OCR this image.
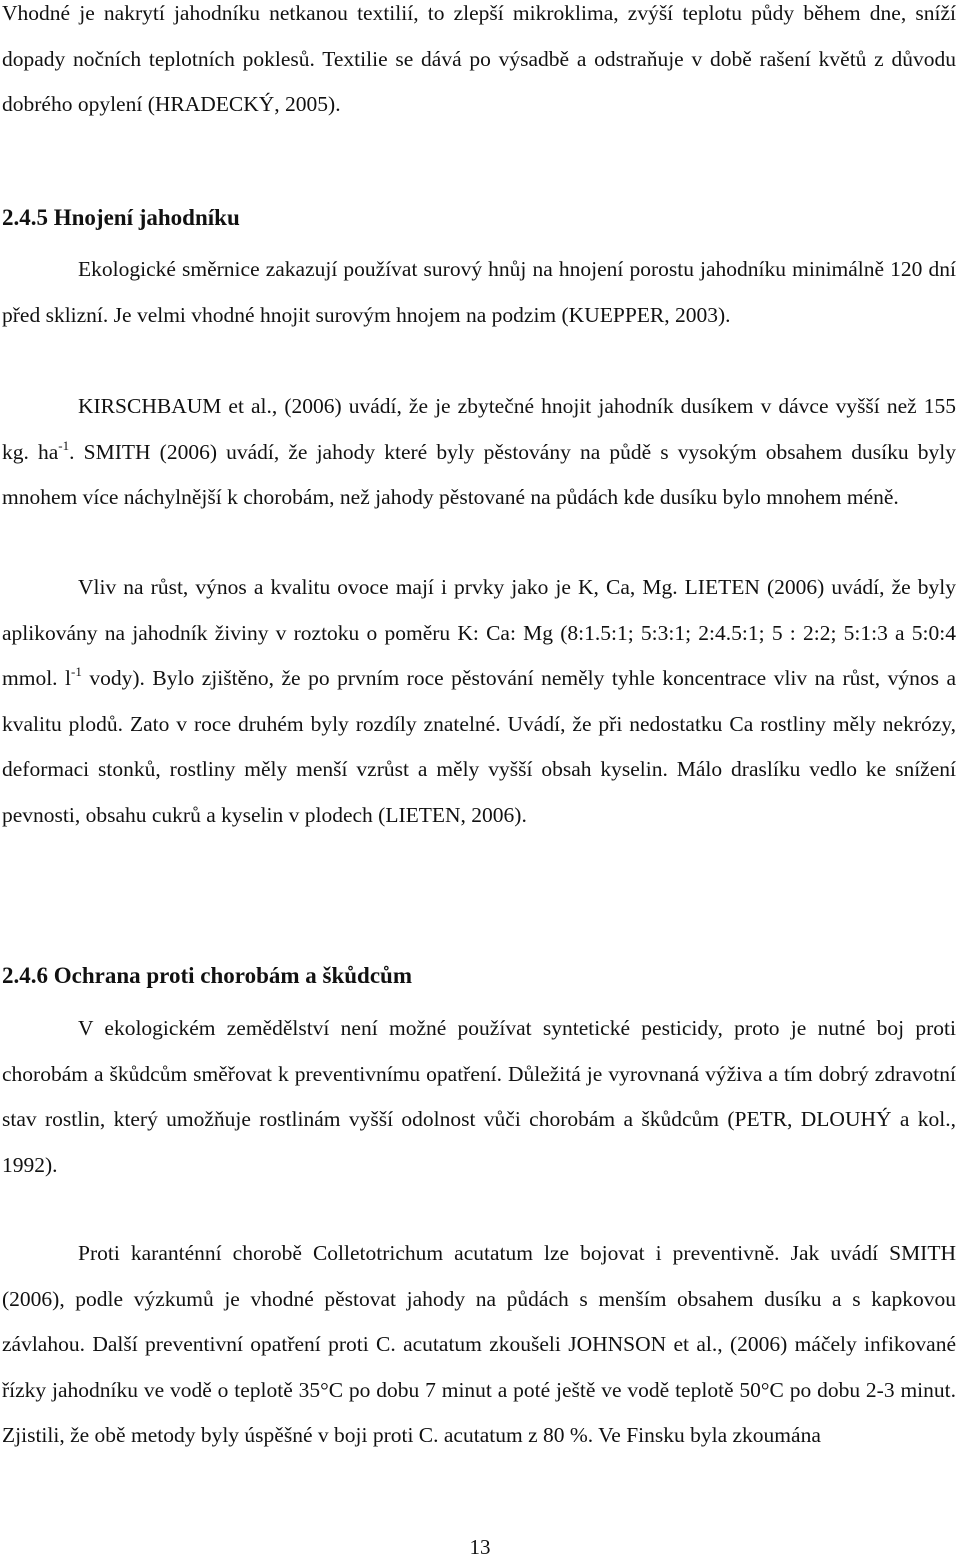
Vhodné je nakrytí jahodníku netkanou textilií, to zlepší mikroklima, zvýší teplotu půdy během dne, sníží dopady nočních teplotních poklesů. Textilie se dává po výsadbě a odstraňuje v době rašení květů z důvodu dobrého opylení (HRADECKÝ, 2005).

2.4.5 Hnojení jahodníku

Ekologické směrnice zakazují používat surový hnůj na hnojení porostu jahodníku minimálně 120 dní před sklizní. Je velmi vhodné hnojit surovým hnojem na podzim (KUEPPER, 2003).

KIRSCHBAUM et al., (2006) uvádí, že je zbytečné hnojit jahodník dusíkem v dávce vyšší než 155 kg. $ha^{-1}$. SMITH (2006) uvádí, že jahody které byly pěstovány na půdě s vysokým obsahem dusíku byly mnohem více náchylnější k chorobám, než jahody pěstované na půdách kde dusíku bylo mnohem méně.

Vliv na růst, výnos a kvalitu ovoce mají i prvky jako je K, Ca, Mg. LIETEN (2006) uvádí, že byly aplikovány na jahodník živiny v roztoku o poměru K: Ca: Mg (8:1.5:1; 5:3:1; 2:4.5:1; 5 : 2:2; 5:1:3 a 5:0:4 mmol. $l^{-1}$ vody). Bylo zjištěno, že po prvním roce pěstování neměly tyhle koncentrace vliv na růst, výnos a kvalitu plodů. Zato v roce druhém byly rozdíly znatelné. Uvádí, že při nedostatku Ca rostliny měly nekrózy, deformaci stonků, rostliny měly menší vzrůst a měly vyšší obsah kyselin. Málo draslíku vedlo ke snížení pevnosti, obsahu cukrů a kyselin v plodech (LIETEN, 2006).

2.4.6 Ochrana proti chorobám a škůdcům

V ekologickém zemědělství není možné používat syntetické pesticidy, proto je nutné boj proti chorobám a škůdcům směřovat k preventivnímu opatření. Důležitá je vyrovnaná výživa a tím dobrý zdravotní stav rostlin, který umožňuje rostlinám vyšší odolnost vůči chorobám a škůdcům (PETR, DLOUHÝ a kol., 1992).

Proti karanténní chorobě Colletotrichum acutatum lze bojovat i preventivně. Jak uvádí SMITH (2006), podle výzkumů je vhodné pěstovat jahody na půdách s menším obsahem dusíku a s kapkovou závlahou. Další preventivní opatření proti C. acutatum zkoušeli JOHNSON et al., (2006) máčely infikované řízky jahodníku ve vodě o teplotě 35°C po dobu 7 minut a poté ještě ve vodě teplotě 50°C po dobu 2-3 minut. Zjistili, že obě metody byly úspěšné v boji proti C. acutatum z 80 %. Ve Finsku byla zkoumána

13
